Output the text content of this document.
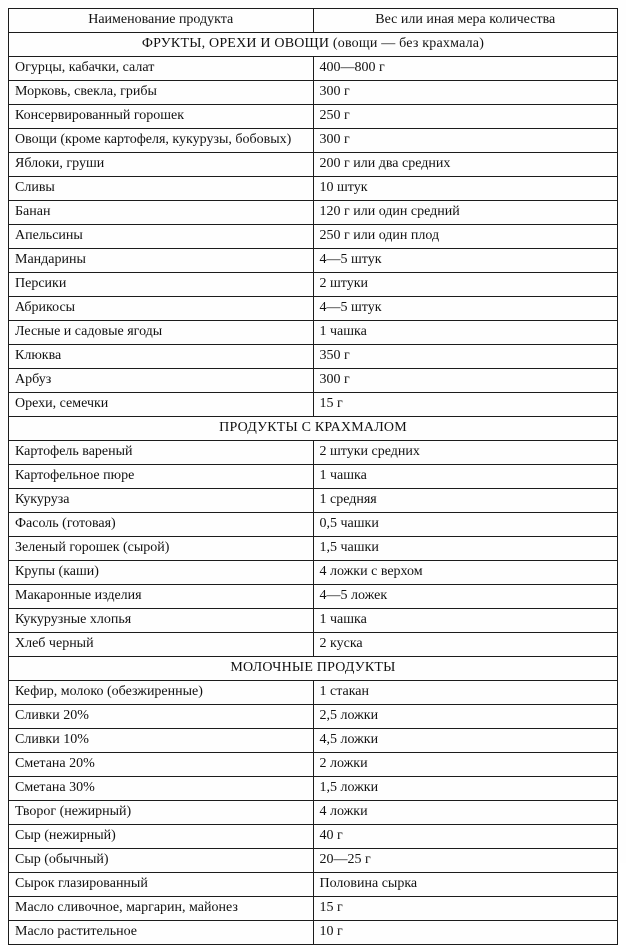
Наименование продукта	Вес или иная мера количества
ФРУКТЫ, ОРЕХИ И ОВОЩИ (овощи — без крахмала)	
Огурцы, кабачки, салат	400—800 г
Морковь, свекла, грибы	300 г
Консервированный горошек	250 г
Овощи (кроме картофеля, кукурузы, бобовых)	300 г
Яблоки, груши	200 г или два средних
Сливы	10 штук
Банан	120 г или один средний
Апельсины	250 г или один плод
Мандарины	4—5 штук
Персики	2 штуки
Абрикосы	4—5 штук
Лесные и садовые ягоды	1 чашка
Клюква	350 г
Арбуз	300 г
Орехи, семечки	15 г
ПРОДУКТЫ С КРАХМАЛОМ	
Картофель вареный	2 штуки средних
Картофельное пюре	1 чашка
Кукуруза	1 средняя
Фасоль (готовая)	0,5 чашки
Зеленый горошек (сырой)	1,5 чашки
Крупы (каши)	4 ложки с верхом
Макаронные изделия	4—5 ложек
Кукурузные хлопья	1 чашка
Хлеб черный	2 куска
МОЛОЧНЫЕ ПРОДУКТЫ	
Кефир, молоко (обезжиренные)	1 стакан
Сливки 20%	2,5 ложки
Сливки 10%	4,5 ложки
Сметана 20%	2 ложки
Сметана 30%	1,5 ложки
Творог (нежирный)	4 ложки
Сыр (нежирный)	40 г
Сыр (обычный)	20—25 г
Сырок глазированный	Половина сырка
Масло сливочное, маргарин, майонез	15 г
Масло растительное	10 г
